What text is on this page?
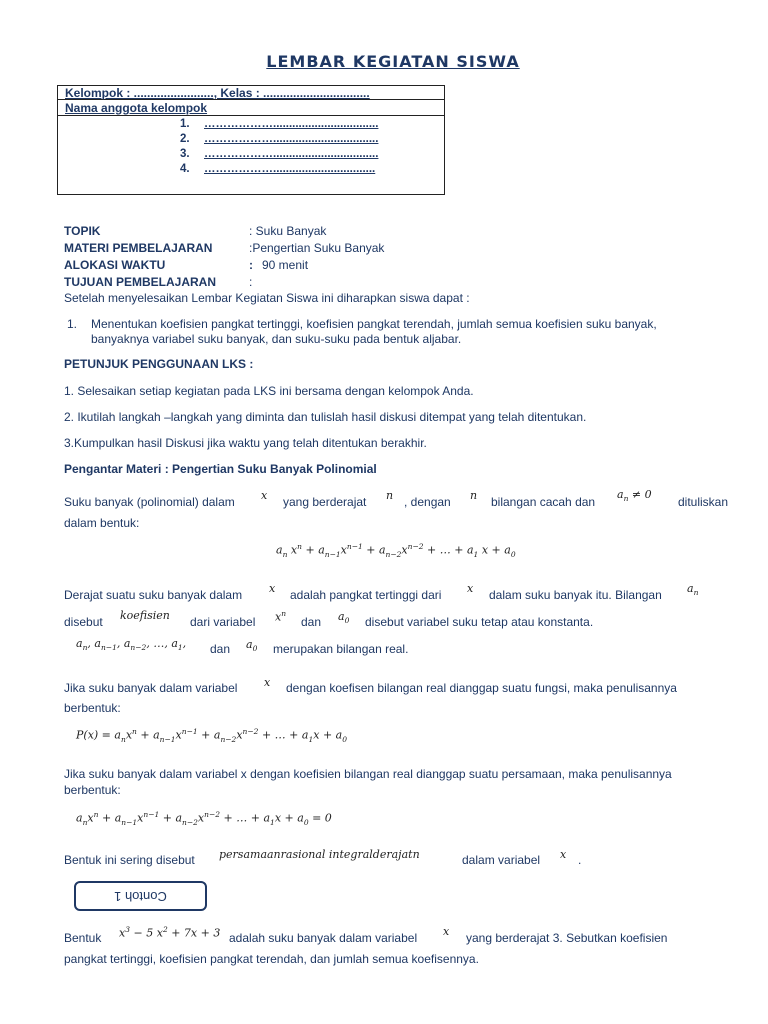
LEMBAR KEGIATAN SISWA
Kelompok : ........................, Kelas : ................................
Nama anggota kelompok
1. ……………….................................
2. ……………….................................
3. ……………….................................
4. ………………................................
TOPIK	: Suku Banyak
MATERI PEMBELAJARAN	:Pengertian Suku Banyak
ALOKASI WAKTU	: 90 menit
TUJUAN PEMBELAJARAN	:
Setelah menyelesaikan Lembar Kegiatan Siswa ini diharapkan siswa dapat :
1. Menentukan koefisien pangkat tertinggi, koefisien pangkat terendah, jumlah semua koefisien suku banyak,
banyaknya variabel suku banyak, dan suku-suku pada bentuk aljabar.
PETUNJUK PENGGUNAAN LKS :
1. Selesaikan setiap kegiatan pada LKS ini bersama dengan kelompok Anda.
2. Ikutilah langkah –langkah yang diminta dan tulislah hasil diskusi ditempat yang telah ditentukan.
3.Kumpulkan hasil Diskusi jika waktu yang telah ditentukan berakhir.
Pengantar Materi : Pengertian Suku Banyak Polinomial
Suku banyak (polinomial) dalam x yang berderajat n , dengan n bilangan cacah dan
$a_n \ne 0$
dituliskan
dalam bentuk:
$a_n$ $x^n + a_{n-1}x^{n-1} + a_{n-2}x^{n-2}$ + … + $a_1$ $x + a_0$
Derajat suatu suku banyak dalam x adalah pangkat tertinggi dari x dalam suku banyak itu. Bilangan $a_n$
disebut koefisien dari variabel $x^n$
dan $a_0$ disebut variabel suku tetap atau konstanta.
$a_n$, $a_{n-1}$, $a_{n-2}$, …, $a_1$, dan $a_0$ merupakan bilangan real.
Jika suku banyak dalam variabel x dengan koefisen bilangan real dianggap suatu fungsi, maka penulisannya
berbentuk:
$P(x) = a_nx^n + a_{n-1}x^{n-1} + a_{n-2}x^{n-2}$ + … + $a_1x + a_0$
Jika suku banyak dalam variabel x dengan koefisien bilangan real dianggap suatu persamaan, maka penulisannya
berbentuk:
$a_nx^n + a_{n-1}x^{n-1} + a_{n-2}x^{n-2}$ + … + $a_1x + a_0 = 0$
Bentuk ini sering disebut persamaanrasional integralderajatn	dalam variabel x .
Contoh 1
Bentuk $x^3 - 5$ $x^2 + 7x + 3$ adalah suku banyak dalam variabel x yang berderajat 3. Sebutkan koefisien
pangkat tertinggi, koefisien pangkat terendah, dan jumlah semua koefisennya.
